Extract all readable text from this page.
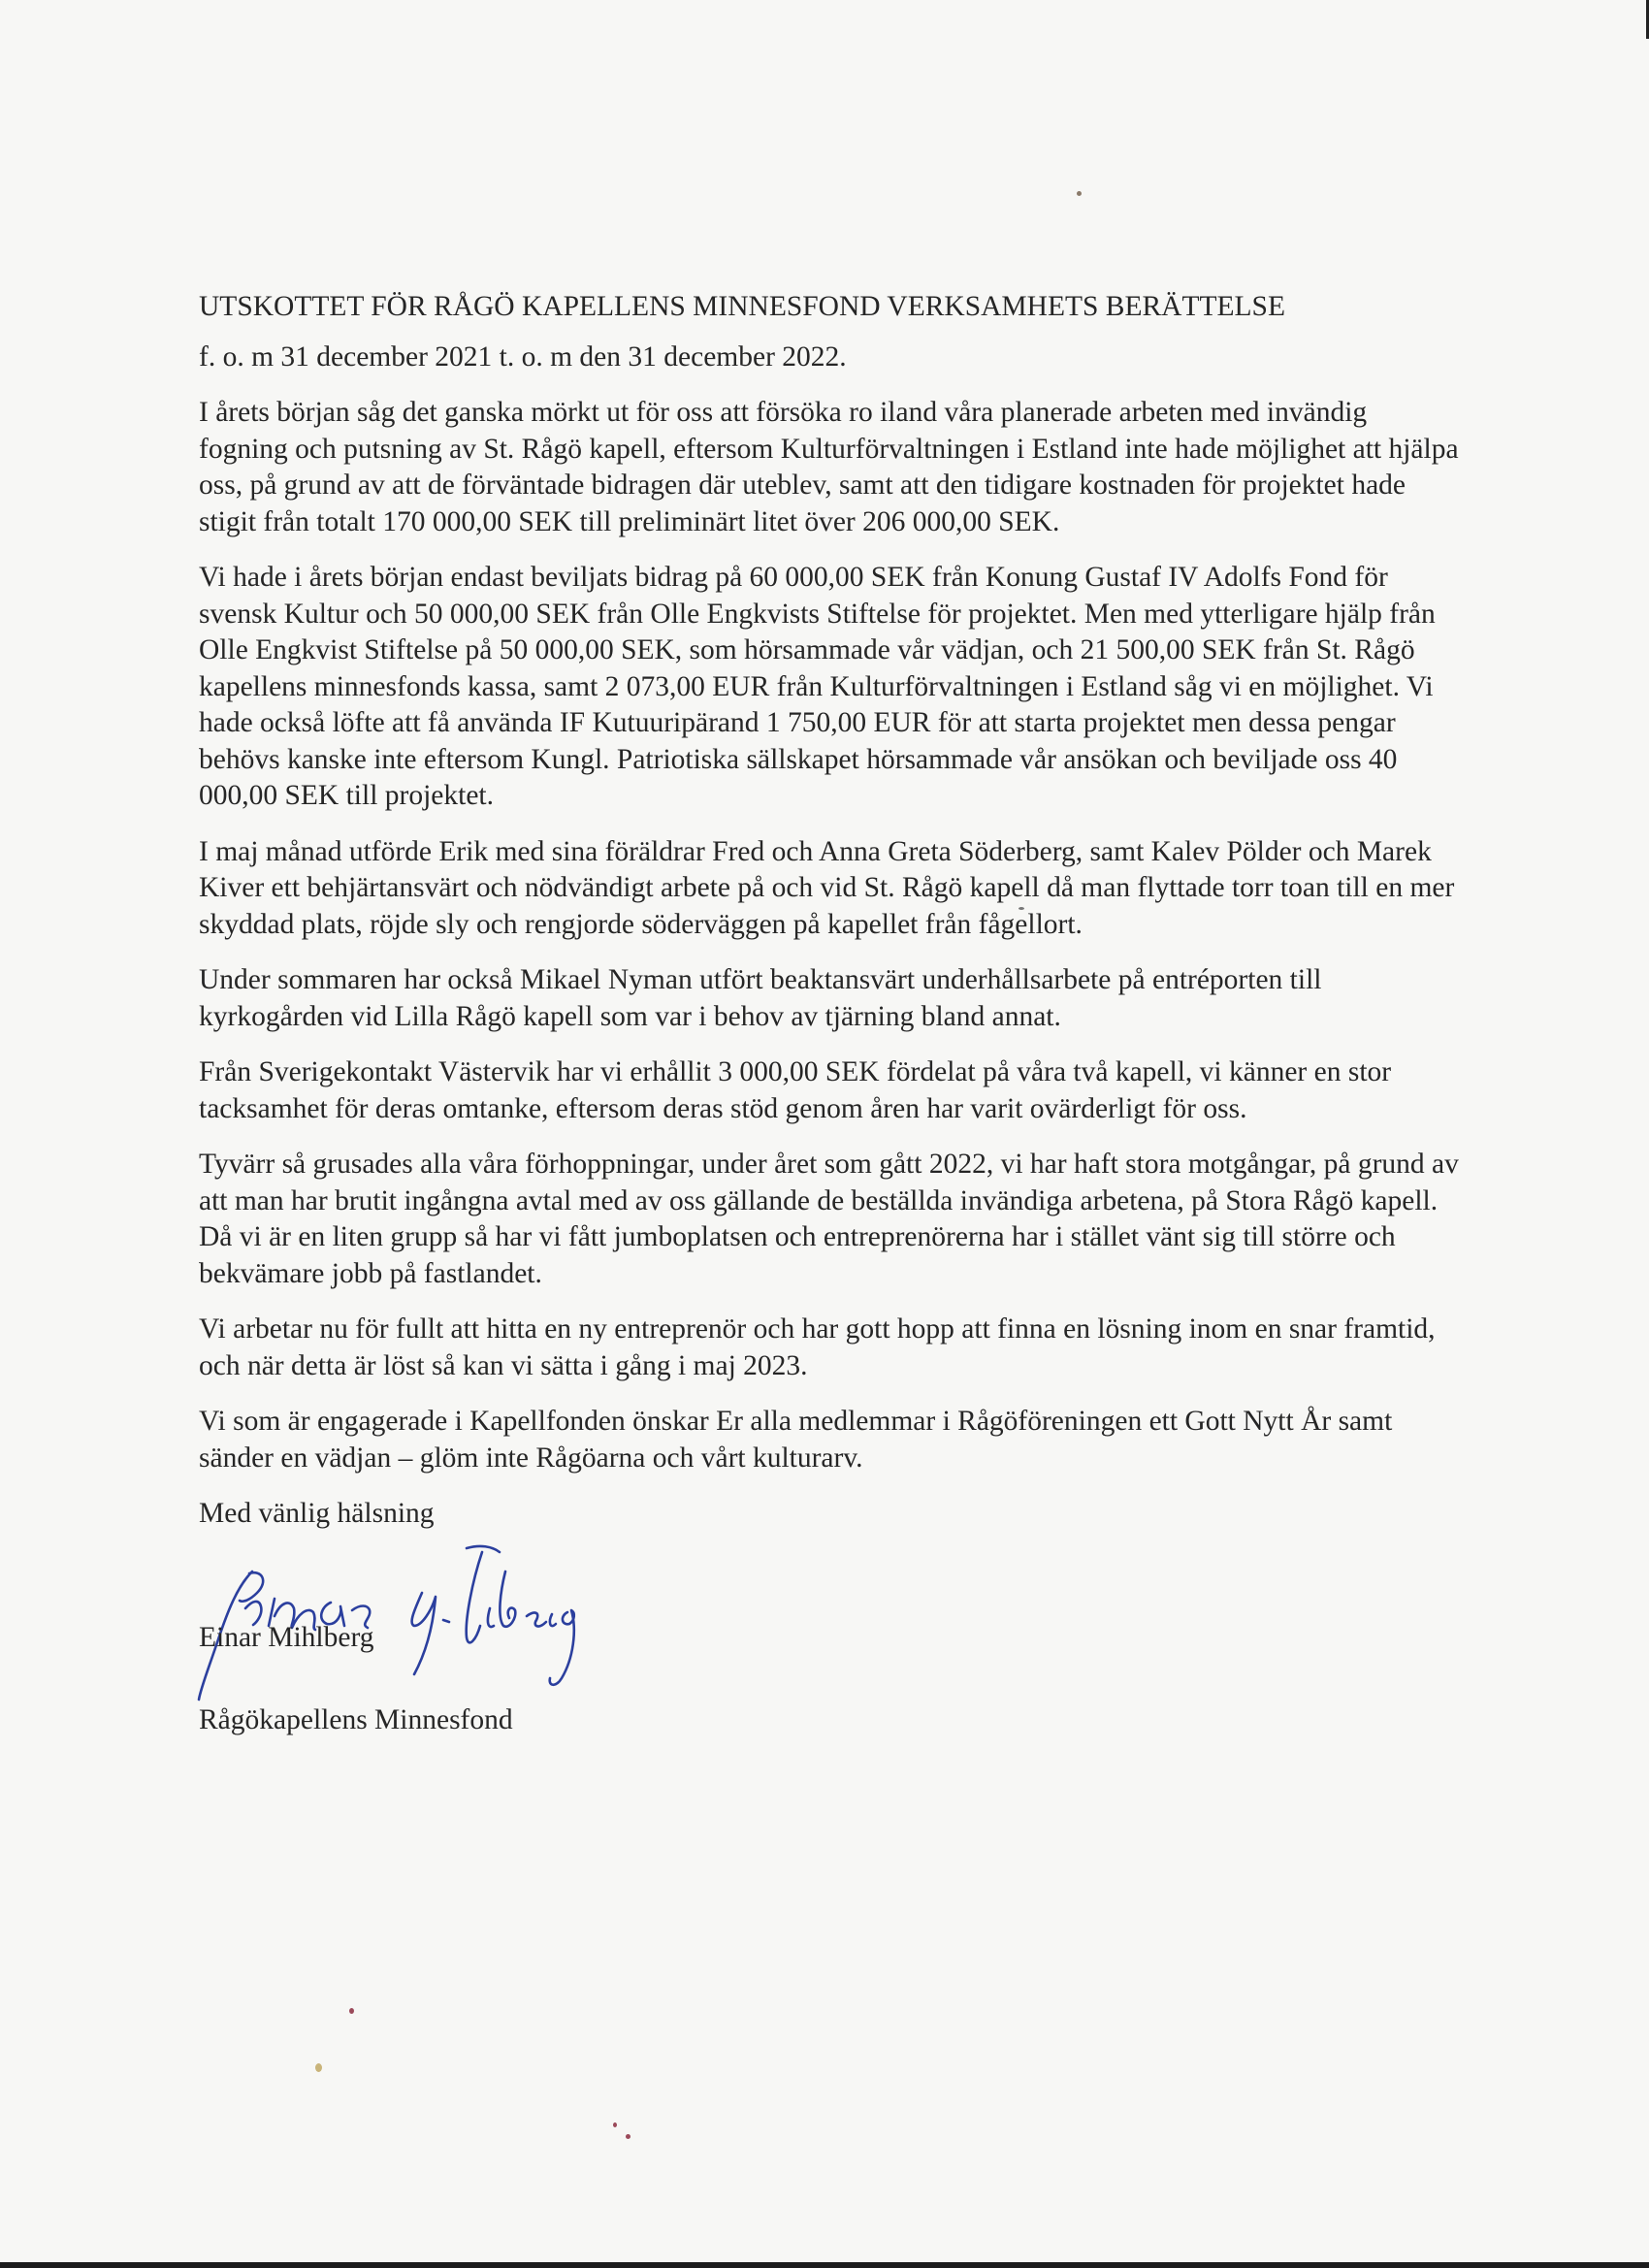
UTSKOTTET FÖR RÅGÖ KAPELLENS MINNESFOND VERKSAMHETS BERÄTTELSE

f. o. m 31 december 2021 t. o. m den 31 december 2022.

I årets början såg det ganska mörkt ut för oss att försöka ro iland våra planerade arbeten med invändig fogning och putsning av St. Rågö kapell, eftersom Kulturförvaltningen i Estland inte hade möjlighet att hjälpa oss, på grund av att de förväntade bidragen där uteblev, samt att den tidigare kostnaden för projektet hade stigit från totalt 170 000,00 SEK till preliminärt litet över 206 000,00 SEK.

Vi hade i årets början endast beviljats bidrag på 60 000,00 SEK från Konung Gustaf IV Adolfs Fond för svensk Kultur och 50 000,00 SEK från Olle Engkvists Stiftelse för projektet. Men med ytterligare hjälp från Olle Engkvist Stiftelse på 50 000,00 SEK, som hörsammade vår vädjan, och 21 500,00 SEK från St. Rågö kapellens minnesfonds kassa, samt 2 073,00 EUR från Kulturförvaltningen i Estland såg vi en möjlighet. Vi hade också löfte att få använda IF Kutuuripärand 1 750,00 EUR för att starta projektet men dessa pengar behövs kanske inte eftersom Kungl. Patriotiska sällskapet hörsammade vår ansökan och beviljade oss 40 000,00 SEK till projektet.

I maj månad utförde Erik med sina föräldrar Fred och Anna Greta Söderberg, samt Kalev Pölder och Marek Kiver ett behjärtansvärt och nödvändigt arbete på och vid St. Rågö kapell då man flyttade torr toan till en mer skyddad plats, röjde sly och rengjorde söderväggen på kapellet från fågellort.

Under sommaren har också Mikael Nyman utfört beaktansvärt underhållsarbete på entréporten till kyrkogården vid Lilla Rågö kapell som var i behov av tjärning bland annat.

Från Sverigekontakt Västervik har vi erhållit 3 000,00 SEK fördelat på våra två kapell, vi känner en stor tacksamhet för deras omtanke, eftersom deras stöd genom åren har varit ovärderligt för oss.

Tyvärr så grusades alla våra förhoppningar, under året som gått 2022, vi har haft stora motgångar, på grund av att man har brutit ingångna avtal med av oss gällande de beställda invändiga arbetena, på Stora Rågö kapell. Då vi är en liten grupp så har vi fått jumboplatsen och entreprenörerna har i stället vänt sig till större och bekvämare jobb på fastlandet.

Vi arbetar nu för fullt att hitta en ny entreprenör och har gott hopp att finna en lösning inom en snar framtid, och när detta är löst så kan vi sätta i gång i maj 2023.

Vi som är engagerade i Kapellfonden önskar Er alla medlemmar i Rågöföreningen ett Gott Nytt År samt sänder en vädjan – glöm inte Rågöarna och vårt kulturarv.

Med vänlig hälsning

Einar Mihlberg

Rågökapellens Minnesfond
